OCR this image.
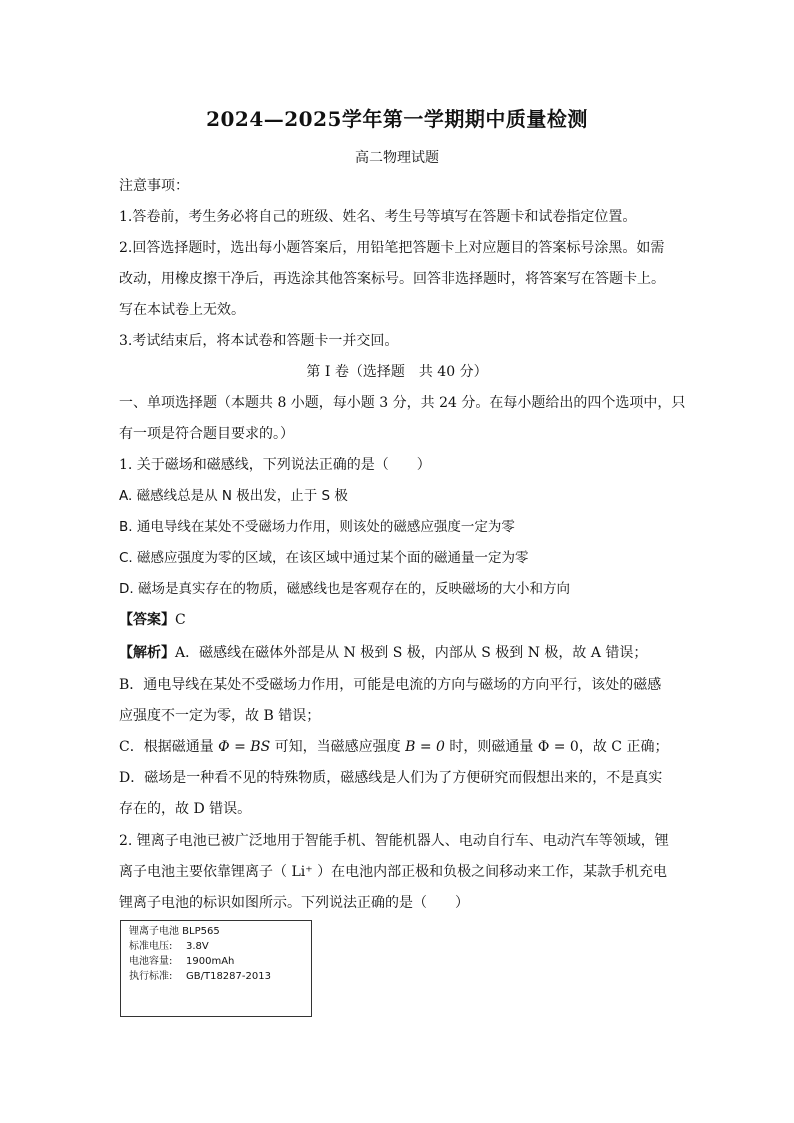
2024—2025学年第一学期期中质量检测
高二物理试题
注意事项：
1.答卷前，考生务必将自己的班级、姓名、考生号等填写在答题卡和试卷指定位置。
2.回答选择题时，选出每小题答案后，用铅笔把答题卡上对应题目的答案标号涂黑。如需
改动，用橡皮擦干净后，再选涂其他答案标号。回答非选择题时，将答案写在答题卡上。
写在本试卷上无效。
3.考试结束后，将本试卷和答题卡一并交回。
第 I 卷（选择题　共 40 分）
一、单项选择题（本题共 8 小题，每小题 3 分，共 24 分。在每小题给出的四个选项中，只
有一项是符合题目要求的。）
1. 关于磁场和磁感线，下列说法正确的是（　　）
A. 磁感线总是从 N 极出发，止于 S 极
B. 通电导线在某处不受磁场力作用，则该处的磁感应强度一定为零
C. 磁感应强度为零的区域，在该区域中通过某个面的磁通量一定为零
D. 磁场是真实存在的物质，磁感线也是客观存在的，反映磁场的大小和方向
【答案】C
【解析】A．磁感线在磁体外部是从 N 极到 S 极，内部从 S 极到 N 极，故 A 错误；
B．通电导线在某处不受磁场力作用，可能是电流的方向与磁场的方向平行，该处的磁感
应强度不一定为零，故 B 错误；
C．根据磁通量 Φ = BS 可知，当磁感应强度 B = 0 时，则磁通量 Φ = 0，故 C 正确；
D．磁场是一种看不见的特殊物质，磁感线是人们为了方便研究而假想出来的，不是真实
存在的，故 D 错误。
2. 锂离子电池已被广泛地用于智能手机、智能机器人、电动自行车、电动汽车等领域，锂
离子电池主要依靠锂离子（ Li⁺ ）在电池内部正极和负极之间移动来工作，某款手机充电
锂离子电池的标识如图所示。下列说法正确的是（　　）
锂离子电池 BLP565
标准电压: 3.8V
电池容量: 1900mAh
执行标准: GB/T18287-2013
